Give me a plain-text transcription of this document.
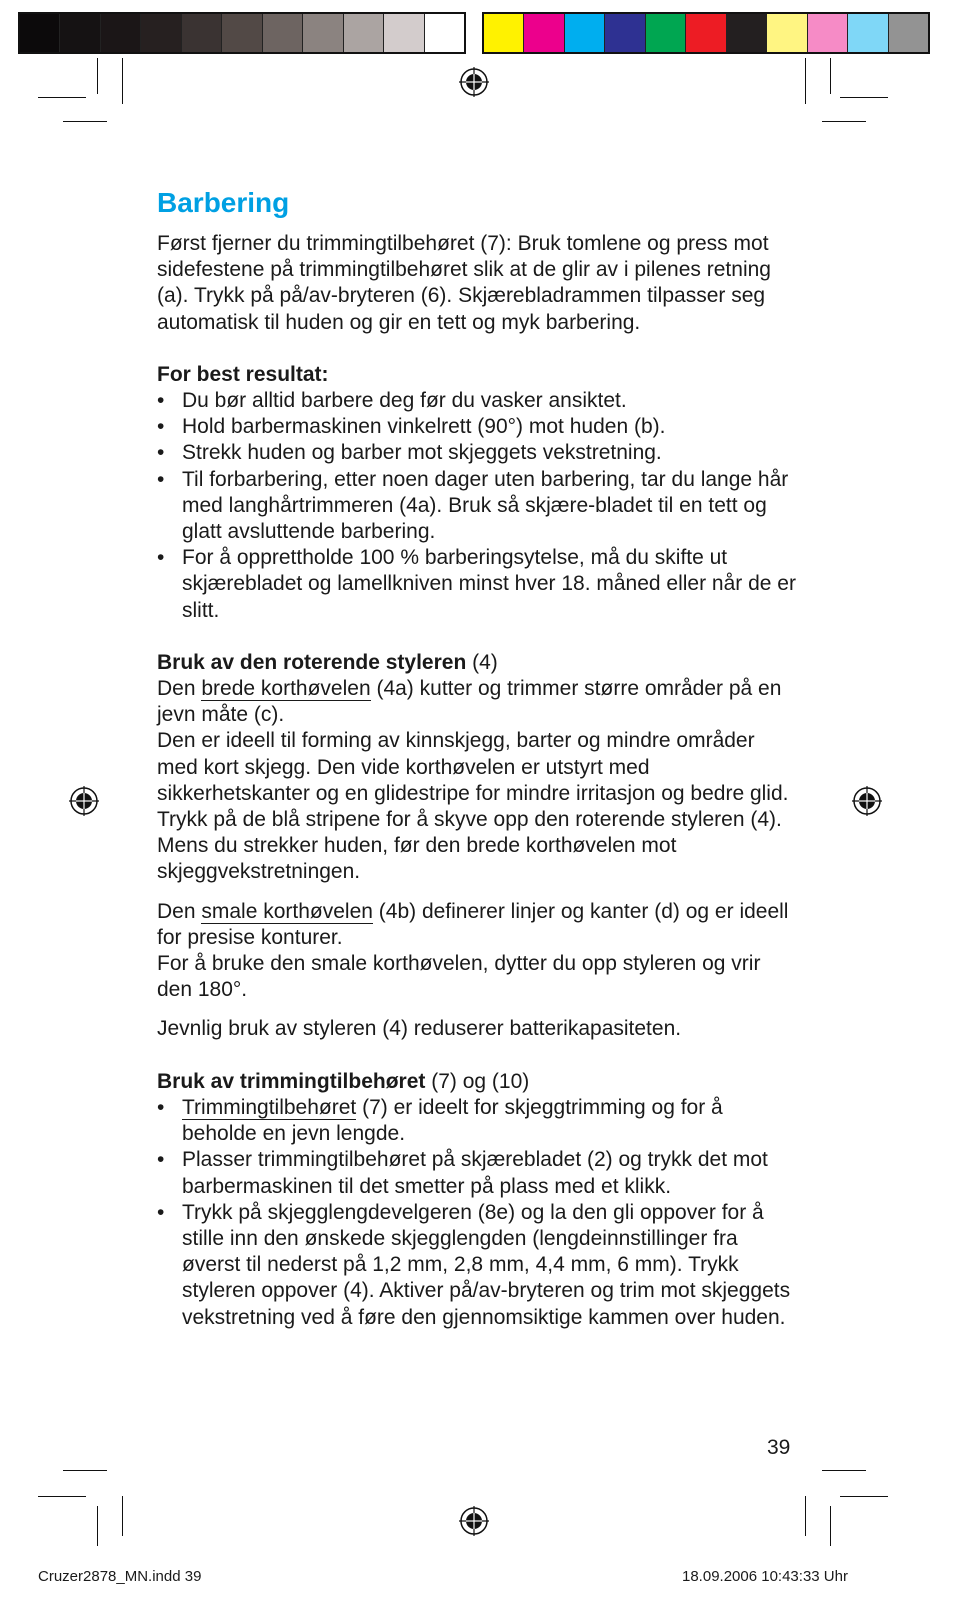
Barbering

Først fjerner du trimmingtilbehøret (7): Bruk tomlene og press mot sidefestene på trimmingtilbehøret slik at de glir av i pilenes retning (a). Trykk på på/av-bryteren (6). Skjærebladrammen tilpasser seg automatisk til huden og gir en tett og myk barbering.

For best resultat:

• Du bør alltid barbere deg før du vasker ansiktet.
• Hold barbermaskinen vinkelrett (90°) mot huden (b).
• Strekk huden og barber mot skjeggets vekstretning.
• Til forbarbering, etter noen dager uten barbering, tar du lange hår med langhårtrimmeren (4a). Bruk så skjære-bladet til en tett og glatt avsluttende barbering.
• For å opprettholde 100 % barberingsytelse, må du skifte ut skjærebladet og lamellkniven minst hver 18. måned eller når de er slitt.

Bruk av den roterende styleren (4)

Den brede korthøvelen (4a) kutter og trimmer større områder på en jevn måte (c).

Den er ideell til forming av kinnskjegg, barter og mindre områder med kort skjegg. Den vide korthøvelen er utstyrt med sikkerhetskanter og en glidestripe for mindre irritasjon og bedre glid. Trykk på de blå stripene for å skyve opp den roterende styleren (4).

Mens du strekker huden, før den brede korthøvelen mot skjeggvekstretningen.

Den smale korthøvelen (4b) definerer linjer og kanter (d) og er ideell for presise konturer.

For å bruke den smale korthøvelen, dytter du opp styleren og vrir den 180°.

Jevnlig bruk av styleren (4) reduserer batterikapasiteten.

Bruk av trimmingtilbehøret (7) og (10)

• Trimmingtilbehøret (7) er ideelt for skjeggtrimming og for å beholde en jevn lengde.
• Plasser trimmingtilbehøret på skjærebladet (2) og trykk det mot barbermaskinen til det smetter på plass med et klikk.
• Trykk på skjegglengdevelgeren (8e) og la den gli oppover for å stille inn den ønskede skjegglengden (lengdeinnstillinger fra øverst til nederst på 1,2 mm, 2,8 mm, 4,4 mm, 6 mm). Trykk styleren oppover (4). Aktiver på/av-bryteren og trim mot skjeggets vekstretning ved å føre den gjennomsiktige kammen over huden.
39
Cruzer2878_MN.indd 39	18.09.2006 10:43:33 Uhr
